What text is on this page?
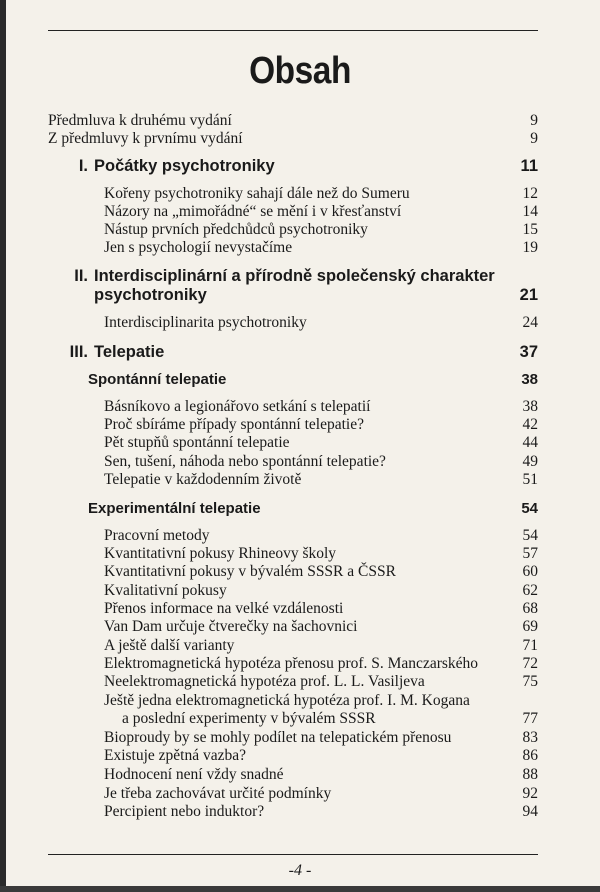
Obsah
Předmluva k druhému vydání	9
Z předmluvy k prvnímu vydání	9
I. Počátky psychotroniky	11
Kořeny psychotroniky sahají dále než do Sumeru	12
Názory na „mimořádné“ se mění i v křesťanství	14
Nástup prvních předchůdců psychotroniky	15
Jen s psychologií nevystačíme	19
II. Interdisciplinární a přírodně společenský charakter
psychotroniky	21
Interdisciplinarita psychotroniky	24
III. Telepatie	37
Spontánní telepatie	38
Básníkovo a legionářovo setkání s telepatií	38
Proč sbíráme případy spontánní telepatie?	42
Pět stupňů spontánní telepatie	44
Sen, tušení, náhoda nebo spontánní telepatie?	49
Telepatie v každodenním životě	51
Experimentální telepatie	54
Pracovní metody	54
Kvantitativní pokusy Rhineovy školy	57
Kvantitativní pokusy v bývalém SSSR a ČSSR	60
Kvalitativní pokusy	62
Přenos informace na velké vzdálenosti	68
Van Dam určuje čtverečky na šachovnici	69
A ještě další varianty	71
Elektromagnetická hypotéza přenosu prof. S. Manczarského	72
Neelektromagnetická hypotéza prof. L. L. Vasiljeva	75
Ještě jedna elektromagnetická hypotéza prof. I. M. Kogana
a poslední experimenty v bývalém SSSR	77
Bioproudy by se mohly podílet na telepatickém přenosu	83
Existuje zpětná vazba?	86
Hodnocení není vždy snadné	88
Je třeba zachovávat určité podmínky	92
Percipient nebo induktor?	94
-4 -
